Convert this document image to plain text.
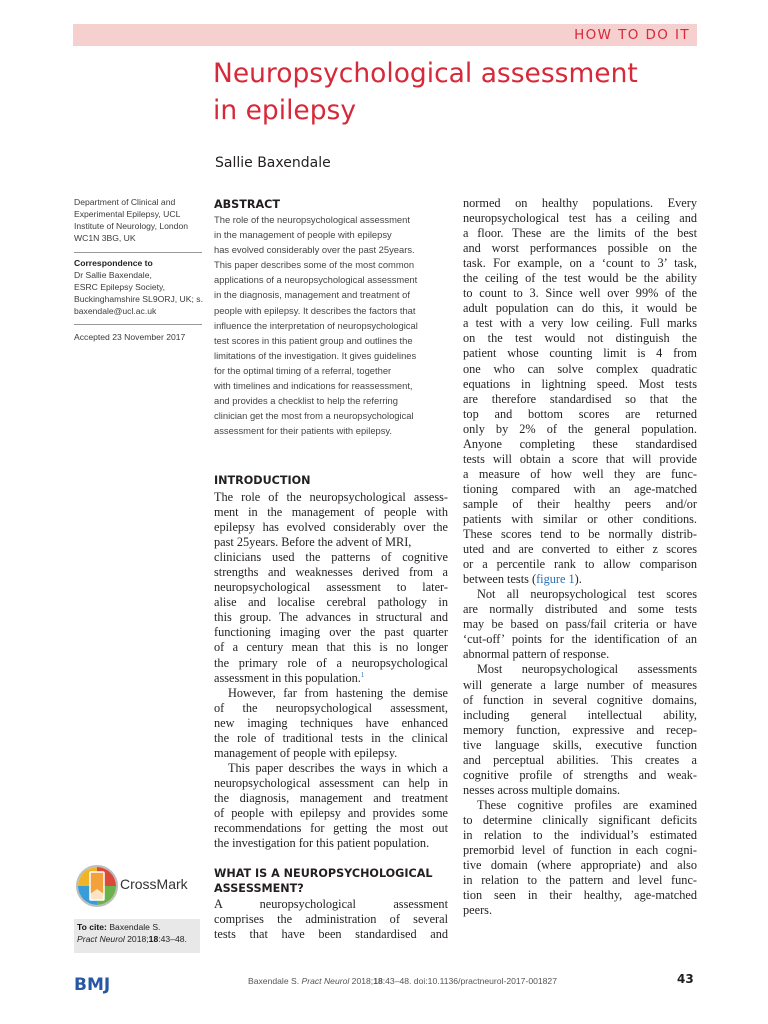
HOW TO DO IT
Neuropsychological assessment
in epilepsy
Sallie Baxendale
Department of Clinical and
Experimental Epilepsy, UCL
Institute of Neurology, London
WC1N 3BG, UK
Correspondence to
Dr Sallie Baxendale,
ESRC Epilepsy Society,
Buckinghamshire SL9ORJ, UK; s.
baxendale@ucl.ac.uk
Accepted 23 November 2017
ABSTRACT
The role of the neuropsychological assessment
in the management of people with epilepsy
has evolved considerably over the past 25years.
This paper describes some of the most common
applications of a neuropsychological assessment
in the diagnosis, management and treatment of
people with epilepsy. It describes the factors that
influence the interpretation of neuropsychological
test scores in this patient group and outlines the
limitations of the investigation. It gives guidelines
for the optimal timing of a referral, together
with timelines and indications for reassessment,
and provides a checklist to help the referring
clinician get the most from a neuropsychological
assessment for their patients with epilepsy.
INTRODUCTION
The role of the neuropsychological assess-
ment in the management of people with
epilepsy has evolved considerably over the
past 25years. Before the advent of MRI,
clinicians used the patterns of cognitive
strengths and weaknesses derived from a
neuropsychological assessment to later-
alise and localise cerebral pathology in
this group. The advances in structural and
functioning imaging over the past quarter
of a century mean that this is no longer
the primary role of a neuropsychological
assessment in this population.$^1$
However, far from hastening the demise
of the neuropsychological assessment,
new imaging techniques have enhanced
the role of traditional tests in the clinical
management of people with epilepsy.
This paper describes the ways in which a
neuropsychological assessment can help in
the diagnosis, management and treatment
of people with epilepsy and provides some
recommendations for getting the most out
the investigation for this patient population.
WHAT IS A NEUROPSYCHOLOGICAL
ASSESSMENT?
A neuropsychological assessment
comprises the administration of several
tests that have been standardised and
normed on healthy populations. Every
neuropsychological test has a ceiling and
a floor. These are the limits of the best
and worst performances possible on the
task. For example, on a ‘count to 3’ task,
the ceiling of the test would be the ability
to count to 3. Since well over 99% of the
adult population can do this, it would be
a test with a very low ceiling. Full marks
on the test would not distinguish the
patient whose counting limit is 4 from
one who can solve complex quadratic
equations in lightning speed. Most tests
are therefore standardised so that the
top and bottom scores are returned
only by 2% of the general population.
Anyone completing these standardised
tests will obtain a score that will provide
a measure of how well they are func-
tioning compared with an age-matched
sample of their healthy peers and/or
patients with similar or other conditions.
These scores tend to be normally distrib-
uted and are converted to either z scores
or a percentile rank to allow comparison
between tests (figure 1).
Not all neuropsychological test scores
are normally distributed and some tests
may be based on pass/fail criteria or have
‘cut-off’ points for the identification of an
abnormal pattern of response.
Most neuropsychological assessments
will generate a large number of measures
of function in several cognitive domains,
including general intellectual ability,
memory function, expressive and recep-
tive language skills, executive function
and perceptual abilities. This creates a
cognitive profile of strengths and weak-
nesses across multiple domains.
These cognitive profiles are examined
to determine clinically significant deficits
in relation to the individual’s estimated
premorbid level of function in each cogni-
tive domain (where appropriate) and also
in relation to the pattern and level func-
tion seen in their healthy, age-matched
peers.
CrossMark
To cite: Baxendale S.
Pract Neurol 2018;18:43–48.
BMJ	Baxendale S. Pract Neurol 2018;18:43–48. doi:10.1136/practneurol-2017-001827	43
